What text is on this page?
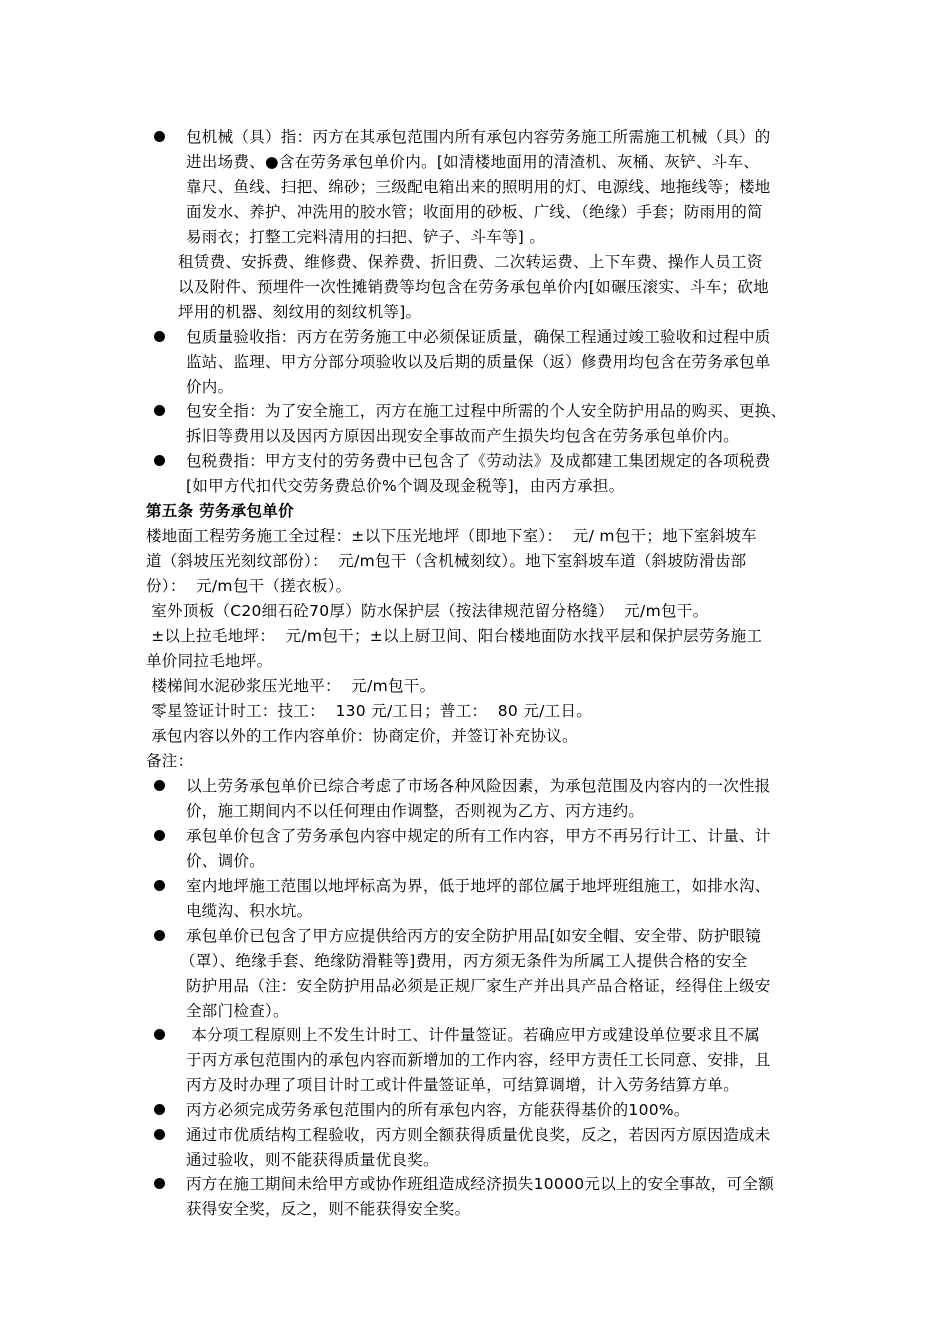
包机械（具）指：丙方在其承包范围内所有承包内容劳务施工所需施工机械（具）的
进出场费、●含在劳务承包单价内。[如清楼地面用的清渣机、灰桶、灰铲、斗车、
靠尺、鱼线、扫把、绵砂；三级配电箱出来的照明用的灯、电源线、地拖线等；楼地
面发水、养护、冲洗用的胶水管；收面用的砂板、广线、（绝缘）手套；防雨用的简
易雨衣；打整工完料清用的扫把、铲子、斗车等] 。
租赁费、安拆费、维修费、保养费、折旧费、二次转运费、上下车费、操作人员工资
以及附件、预埋件一次性摊销费等均包含在劳务承包单价内[如碾压滚实、斗车；砍地
坪用的机器、刻纹用的刻纹机等]。
包质量验收指：丙方在劳务施工中必须保证质量，确保工程通过竣工验收和过程中质
监站、监理、甲方分部分项验收以及后期的质量保（返）修费用均包含在劳务承包单
价内。
包安全指：为了安全施工，丙方在施工过程中所需的个人安全防护用品的购买、更换、
拆旧等费用以及因丙方原因出现安全事故而产生损失均包含在劳务承包单价内。
包税费指：甲方支付的劳务费中已包含了《劳动法》及成都建工集团规定的各项税费
[如甲方代扣代交劳务费总价%个调及现金税等]，由丙方承担。
第五条 劳务承包单价
楼地面工程劳务施工全过程：±以下压光地坪（即地下室）：  元/ m包干；地下室斜坡车
道（斜坡压光刻纹部份）：  元/m包干（含机械刻纹）。地下室斜坡车道（斜坡防滑齿部
份）：  元/m包干（搓衣板）。
室外顶板（C20细石砼70厚）防水保护层（按法律规范留分格缝）  元/m包干。
±以上拉毛地坪：  元/m包干；±以上厨卫间、阳台楼地面防水找平层和保护层劳务施工
单价同拉毛地坪。
楼梯间水泥砂浆压光地平：  元/m包干。
零星签证计时工：技工：  130 元/工日；普工：  80 元/工日。
承包内容以外的工作内容单价：协商定价，并签订补充协议。
备注：
以上劳务承包单价已综合考虑了市场各种风险因素，为承包范围及内容内的一次性报
价，施工期间内不以任何理由作调整，否则视为乙方、丙方违约。
承包单价包含了劳务承包内容中规定的所有工作内容，甲方不再另行计工、计量、计
价、调价。
室内地坪施工范围以地坪标高为界，低于地坪的部位属于地坪班组施工，如排水沟、
电缆沟、积水坑。
承包单价已包含了甲方应提供给丙方的安全防护用品[如安全帽、安全带、防护眼镜
（罩）、绝缘手套、绝缘防滑鞋等]费用，丙方须无条件为所属工人提供合格的安全
防护用品（注：安全防护用品必须是正规厂家生产并出具产品合格证，经得住上级安
全部门检查）。
本分项工程原则上不发生计时工、计件量签证。若确应甲方或建设单位要求且不属
于丙方承包范围内的承包内容而新增加的工作内容，经甲方责任工长同意、安排，且
丙方及时办理了项目计时工或计件量签证单，可结算调增，计入劳务结算方单。
丙方必须完成劳务承包范围内的所有承包内容，方能获得基价的100%。
通过市优质结构工程验收，丙方则全额获得质量优良奖，反之，若因丙方原因造成未
通过验收，则不能获得质量优良奖。
丙方在施工期间未给甲方或协作班组造成经济损失10000元以上的安全事故，可全额
获得安全奖，反之，则不能获得安全奖。
